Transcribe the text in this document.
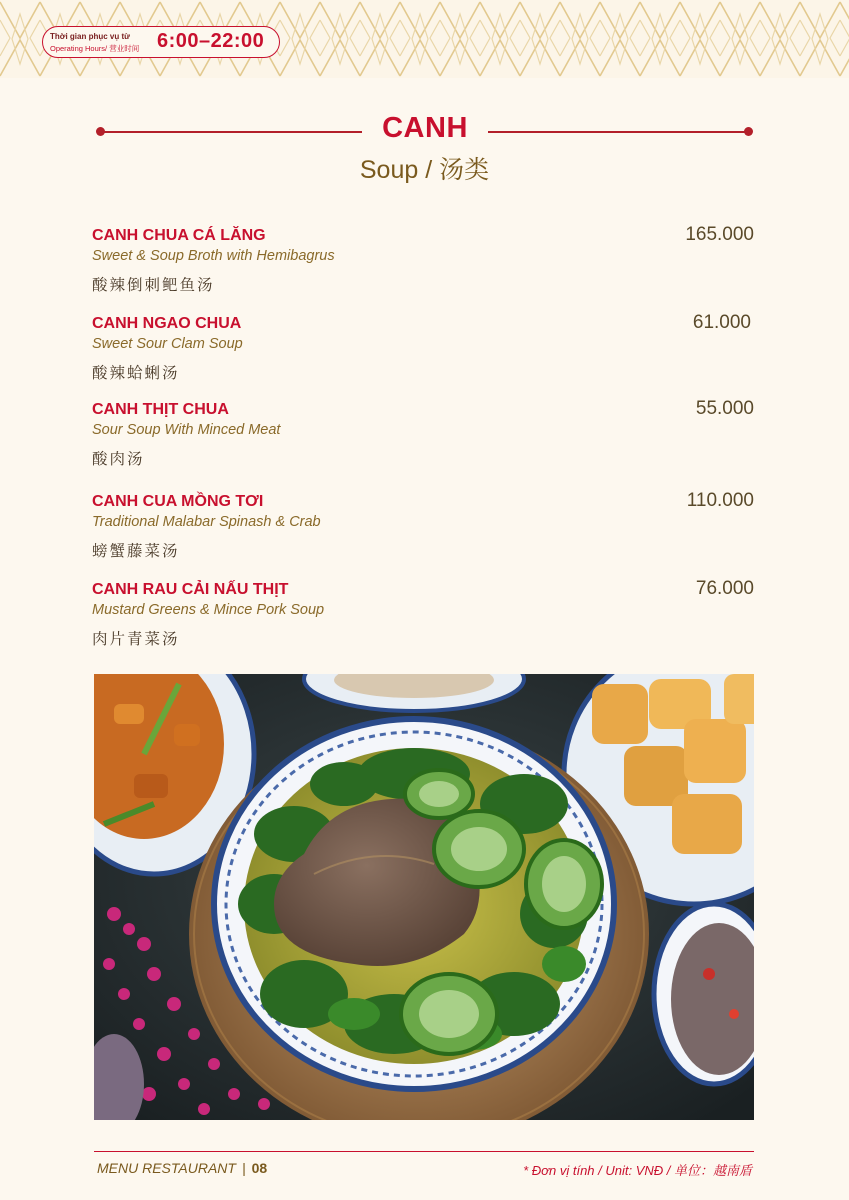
Thời gian phục vụ từ
Operating Hours/ 营业时间 6:00–22:00
CANH
Soup / 汤类
CANH CHUA CÁ LĂNG
Sweet & Soup Broth with Hemibagrus
酸辣倒刺鲃鱼汤
165.000
CANH NGAO CHUA
Sweet Sour Clam Soup
酸辣蛤蜊汤
61.000
CANH THỊT CHUA
Sour Soup With Minced Meat
酸肉汤
55.000
CANH CUA MỒNG TƠI
Traditional Malabar Spinash & Crab
螃蟹藤菜汤
110.000
CANH RAU CẢI NẤU THỊT
Mustard Greens & Mince Pork Soup
肉片青菜汤
76.000
MENU RESTAURANT | 08	* Đơn vị tính / Unit: VNĐ / 单位：越南盾
